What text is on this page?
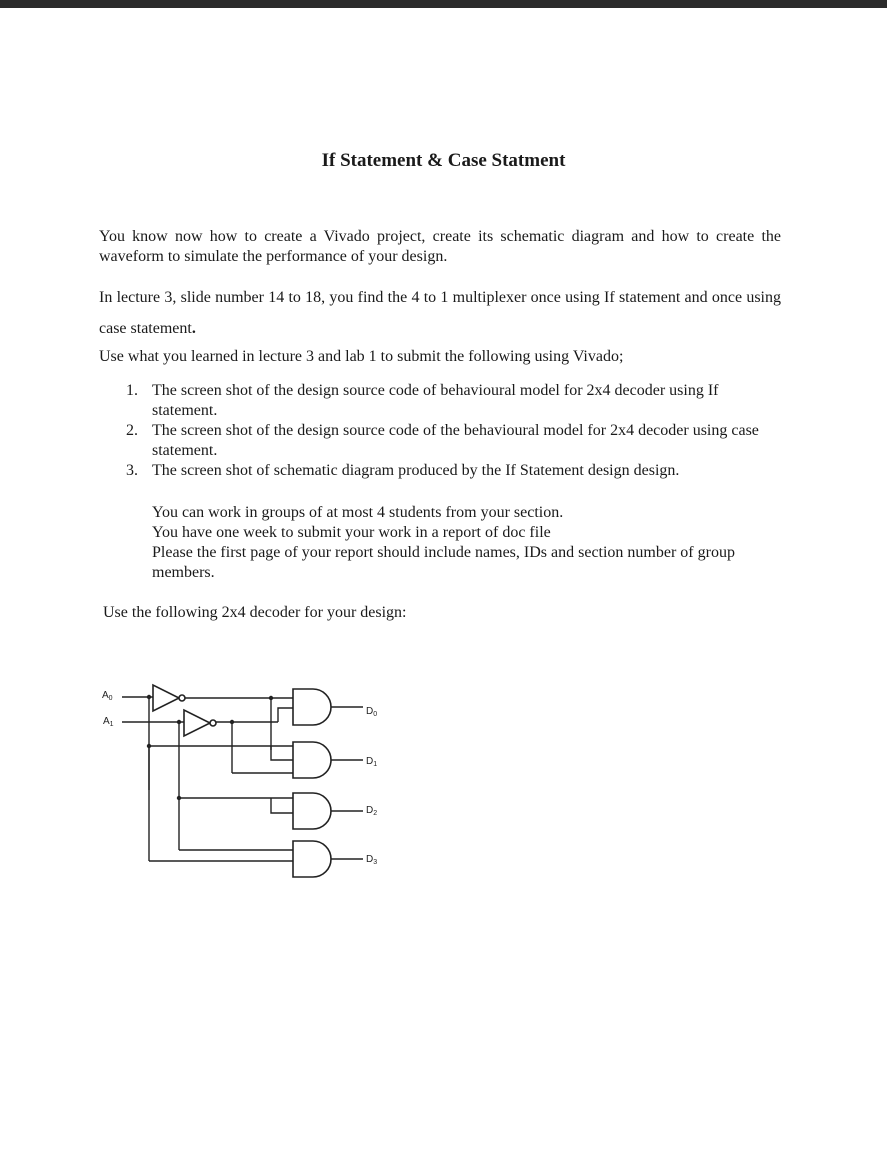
If Statement & Case Statment

You know now how to create a Vivado project, create its schematic diagram and how to create the waveform to simulate the performance of your design.

In lecture 3, slide number 14 to 18, you find the 4 to 1 multiplexer once using If statement and once using case statement.

Use what you learned in lecture 3 and lab 1 to submit the following using Vivado;

1. The screen shot of the design source code of behavioural model for 2x4 decoder using If statement.
2. The screen shot of the design source code of the behavioural model for 2x4 decoder using case statement.
3. The screen shot of schematic diagram produced by the If Statement design design.
You can work in groups of at most 4 students from your section.
You have one week to submit your work in a report of doc file
Please the first page of your report should include names, IDs and section number of group members.

Use the following 2x4 decoder for your design:

$A_0$
$A_1$
$D_0$
$D_1$
$D_2$
$D_3$
